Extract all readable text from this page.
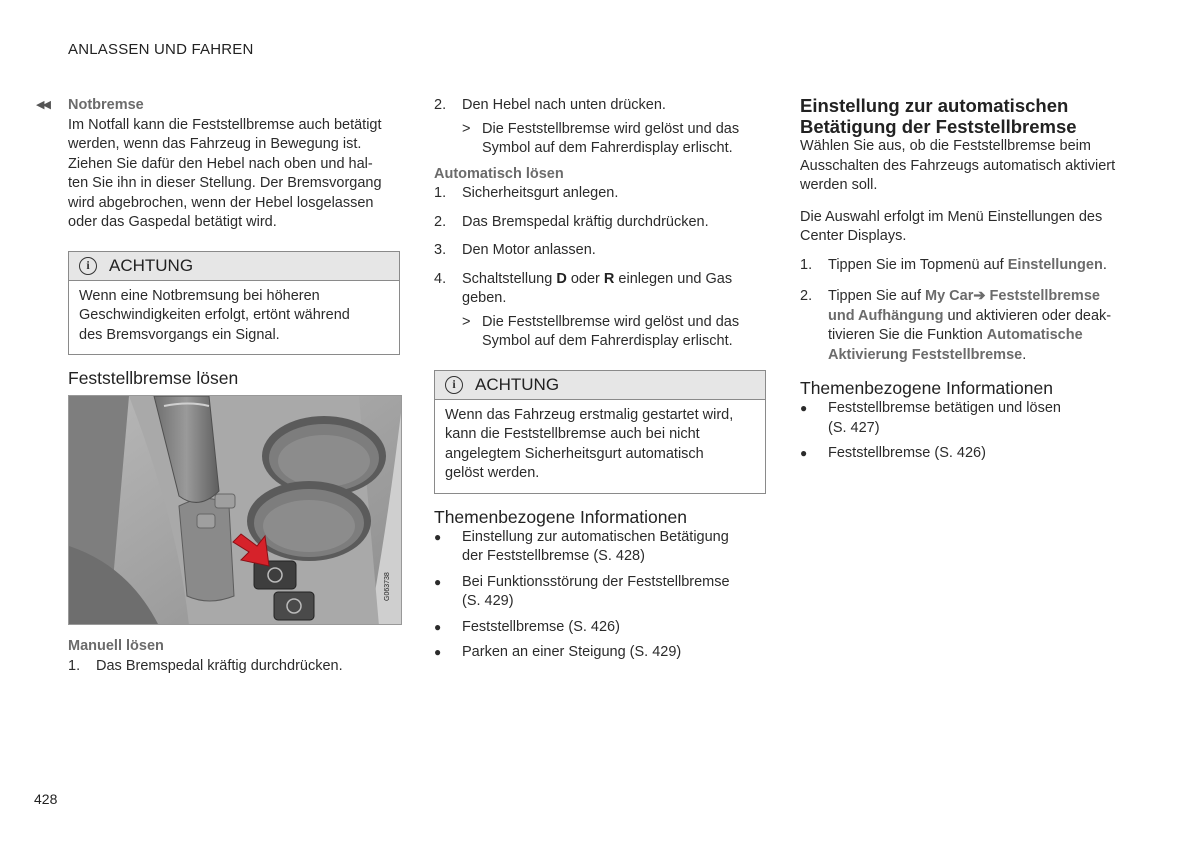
ANLASSEN UND FAHREN
◀◀
428

Notbremse

Im Notfall kann die Feststellbremse auch betätigt
werden, wenn das Fahrzeug in Bewegung ist.
Ziehen Sie dafür den Hebel nach oben und hal-
ten Sie ihn in dieser Stellung. Der Bremsvorgang
wird abgebrochen, wenn der Hebel losgelassen
oder das Gaspedal betätigt wird.
i	ACHTUNG
Wenn eine Notbremsung bei höheren
Geschwindigkeiten erfolgt, ertönt während
des Bremsvorgangs ein Signal.

Feststellbremse lösen

G063738

Manuell lösen

1.	Das Bremspedal kräftig durchdrücken.
2.	Den Hebel nach unten drücken.
> Die Feststellbremse wird gelöst und das
Symbol auf dem Fahrerdisplay erlischt.

Automatisch lösen

1.	Sicherheitsgurt anlegen.
2.	Das Bremspedal kräftig durchdrücken.
3.	Den Motor anlassen.
4.	Schaltstellung D oder R einlegen und Gas
geben.
> Die Feststellbremse wird gelöst und das
Symbol auf dem Fahrerdisplay erlischt.
i	ACHTUNG
Wenn das Fahrzeug erstmalig gestartet wird,
kann die Feststellbremse auch bei nicht
angelegtem Sicherheitsgurt automatisch
gelöst werden.

Themenbezogene Informationen

●	Einstellung zur automatischen Betätigung
der Feststellbremse (S. 428)
●	Bei Funktionsstörung der Feststellbremse
(S. 429)
●	Feststellbremse (S. 426)
●	Parken an einer Steigung (S. 429)
Einstellung zur automatischen
Betätigung der Feststellbremse
Wählen Sie aus, ob die Feststellbremse beim
Ausschalten des Fahrzeugs automatisch aktiviert
werden soll.
Die Auswahl erfolgt im Menü Einstellungen des
Center Displays.
1.	Tippen Sie im Topmenü auf Einstellungen.
2.	Tippen Sie auf My Car➔ Feststellbremse
und Aufhängung und aktivieren oder deak-
tivieren Sie die Funktion Automatische
Aktivierung Feststellbremse.

Themenbezogene Informationen

●	Feststellbremse betätigen und lösen
(S. 427)
●	Feststellbremse (S. 426)
